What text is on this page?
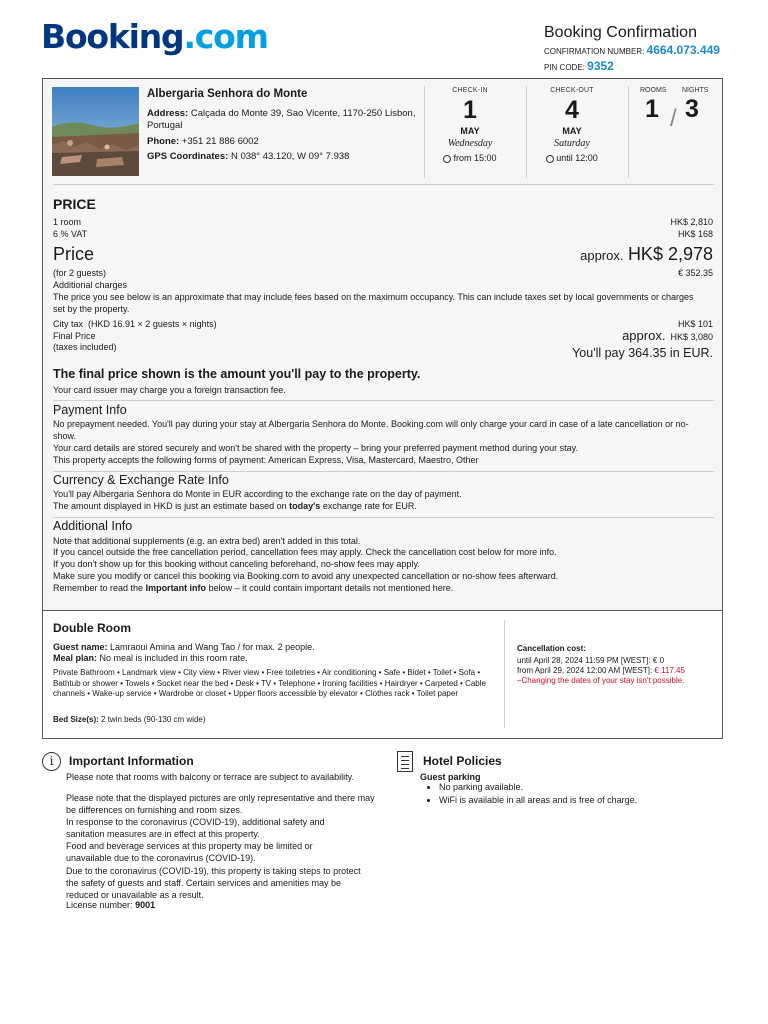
Booking.com	Booking Confirmation
CONFIRMATION NUMBER: 4664.073.449
PIN CODE: 9352
Albergaria Senhora do Monte
Address: Calçada do Monte 39, Sao Vicente, 1170-250 Lisbon, Portugal
Phone: +351 21 886 6002
GPS Coordinates: N 038° 43.120, W 09° 7.938
CHECK-IN
1
MAY
Wednesday
from 15:00
CHECK-OUT
4
MAY
Saturday
until 12:00
ROOMS
1 /
NIGHTS
3
PRICE
1 room	HK$ 2,810
6 % VAT	HK$ 168
Price	approx. HK$ 2,978
(for 2 guests)	€ 352.35
Additional charges
The price you see below is an approximate that may include fees based on the maximum occupancy. This can include taxes set by local governments or charges set by the property.
City tax (HKD 16.91 × 2 guests × nights)	HK$ 101
Final Price	approx. HK$ 3,080
(taxes included)	You'll pay 364.35 in EUR.
The final price shown is the amount you'll pay to the property.
Your card issuer may charge you a foreign transaction fee.
Payment Info
No prepayment needed. You'll pay during your stay at Albergaria Senhora do Monte. Booking.com will only charge your card in case of a late cancellation or no-show.
Your card details are stored securely and won't be shared with the property – bring your preferred payment method during your stay.
This property accepts the following forms of payment: American Express, Visa, Mastercard, Maestro, Other
Currency & Exchange Rate Info
You'll pay Albergaria Senhora do Monte in EUR according to the exchange rate on the day of payment.
The amount displayed in HKD is just an estimate based on today's exchange rate for EUR.
Additional Info
Note that additional supplements (e.g. an extra bed) aren't added in this total.
If you cancel outside the free cancellation period, cancellation fees may apply. Check the cancellation cost below for more info.
If you don't show up for this booking without canceling beforehand, no-show fees may apply.
Make sure you modify or cancel this booking via Booking.com to avoid any unexpected cancellation or no-show fees afterward.
Remember to read the Important info below – it could contain important details not mentioned here.
Double Room
Guest name: Lamraoui Amina and Wang Tao / for max. 2 people.
Meal plan: No meal is included in this room rate.
Private Bathroom • Landmark view • City view • River view • Free toiletries • Air conditioning • Safe • Bidet • Toilet • Sofa • Bathtub or shower • Towels • Socket near the bed • Desk • TV • Telephone • Ironing facilities • Hairdryer • Carpeted • Cable channels • Wake-up service • Wardrobe or closet • Upper floors accessible by elevator • Clothes rack • Toilet paper
Bed Size(s): 2 twin beds (90-130 cm wide)
Cancellation cost:
until April 28, 2024 11:59 PM [WEST]: € 0
from April 29, 2024 12:00 AM [WEST]: € 117.45
–Changing the dates of your stay isn't possible.
i	Important Information
Please note that rooms with balcony or terrace are subject to availability.
Please note that the displayed pictures are only representative and there may be differences on furnishing and room sizes.
In response to the coronavirus (COVID-19), additional safety and sanitation measures are in effect at this property.
Food and beverage services at this property may be limited or unavailable due to the coronavirus (COVID-19).
Due to the coronavirus (COVID-19), this property is taking steps to protect the safety of guests and staff. Certain services and amenities may be reduced or unavailable as a result.
License number: 9001
Hotel Policies
Guest parking
• No parking available.
• WiFi is available in all areas and is free of charge.
